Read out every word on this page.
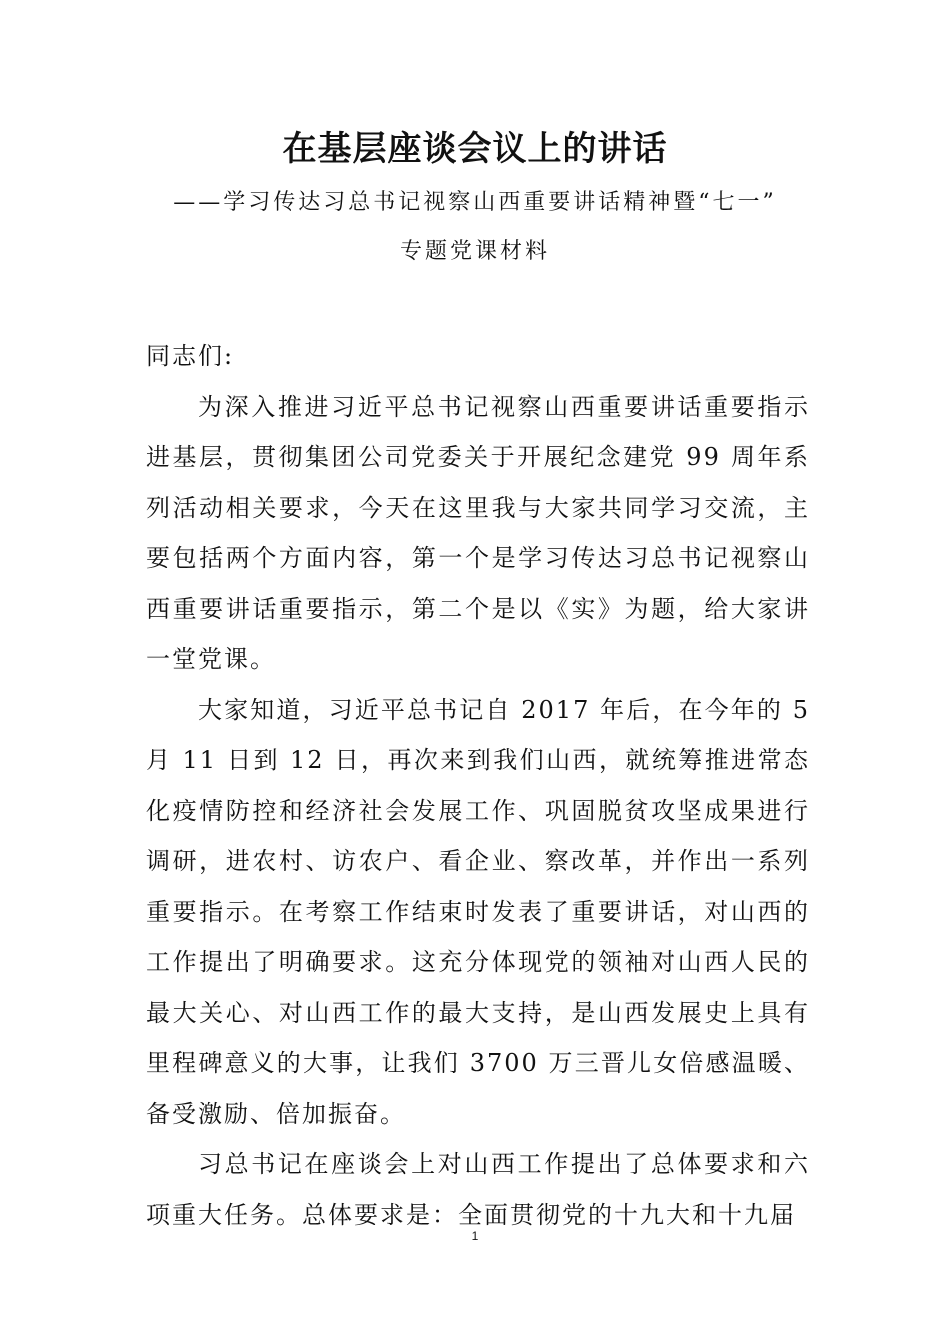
在基层座谈会议上的讲话
——学习传达习总书记视察山西重要讲话精神暨“七一”
专题党课材料

同志们:

为深入推进习近平总书记视察山西重要讲话重要指示进基层，贯彻集团公司党委关于开展纪念建党 99 周年系列活动相关要求，今天在这里我与大家共同学习交流，主要包括两个方面内容，第一个是学习传达习总书记视察山西重要讲话重要指示，第二个是以《实》为题，给大家讲一堂党课。

大家知道，习近平总书记自 2017 年后，在今年的 5 月 11 日到 12 日，再次来到我们山西，就统筹推进常态化疫情防控和经济社会发展工作、巩固脱贫攻坚成果进行调研，进农村、访农户、看企业、察改革，并作出一系列重要指示。在考察工作结束时发表了重要讲话，对山西的工作提出了明确要求。这充分体现党的领袖对山西人民的最大关心、对山西工作的最大支持，是山西发展史上具有里程碑意义的大事，让我们 3700 万三晋儿女倍感温暖、备受激励、倍加振奋。

习总书记在座谈会上对山西工作提出了总体要求和六项重大任务。总体要求是：全面贯彻党的十九大和十九届

1
